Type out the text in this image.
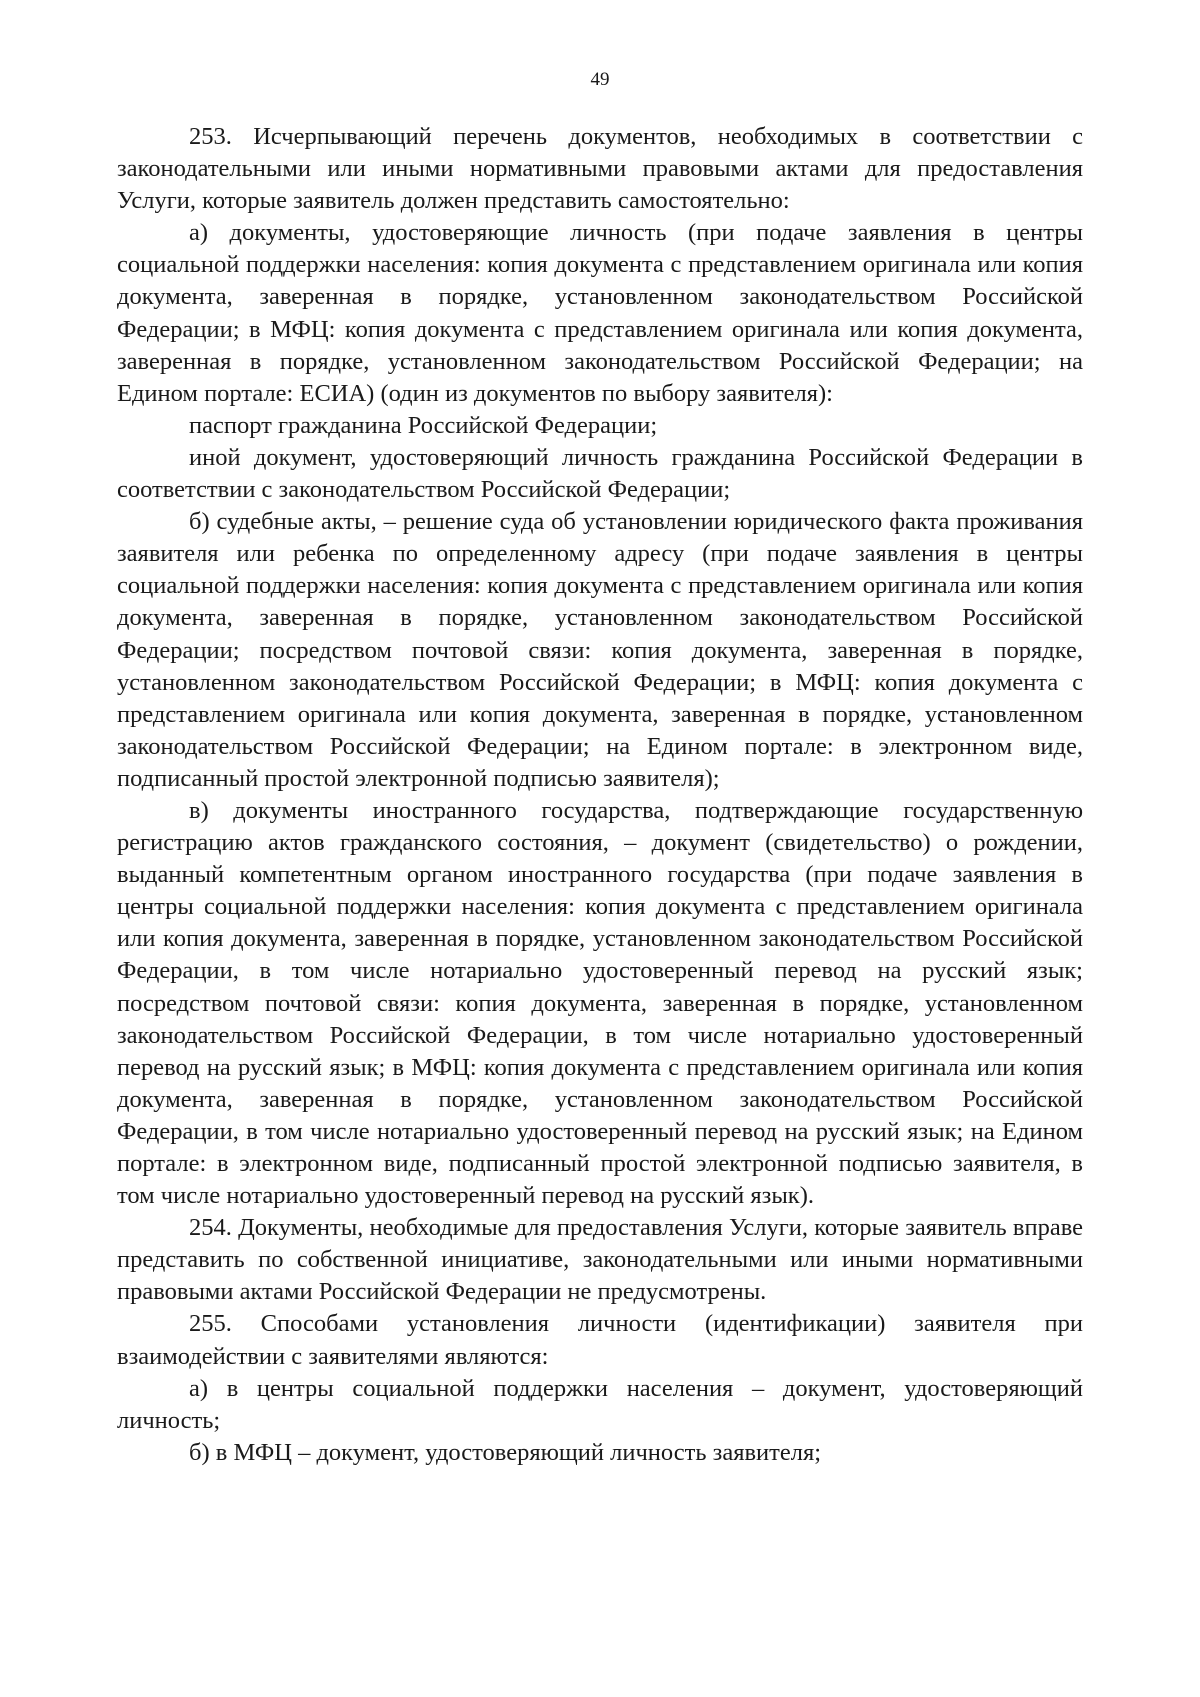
49

253. Исчерпывающий перечень документов, необходимых в соответствии с законодательными или иными нормативными правовыми актами для предоставления Услуги, которые заявитель должен представить самостоятельно:

а) документы, удостоверяющие личность (при подаче заявления в центры социальной поддержки населения: копия документа с представлением оригинала или копия документа, заверенная в порядке, установленном законодательством Российской Федерации; в МФЦ: копия документа с представлением оригинала или копия документа, заверенная в порядке, установленном законодательством Российской Федерации; на Едином портале: ЕСИА) (один из документов по выбору заявителя):

паспорт гражданина Российской Федерации;

иной документ, удостоверяющий личность гражданина Российской Федерации в соответствии с законодательством Российской Федерации;

б) судебные акты, – решение суда об установлении юридического факта проживания заявителя или ребенка по определенному адресу (при подаче заявления в центры социальной поддержки населения: копия документа с представлением оригинала или копия документа, заверенная в порядке, установленном законодательством Российской Федерации; посредством почтовой связи: копия документа, заверенная в порядке, установленном законодательством Российской Федерации; в МФЦ: копия документа с представлением оригинала или копия документа, заверенная в порядке, установленном законодательством Российской Федерации; на Едином портале: в электронном виде, подписанный простой электронной подписью заявителя);

в) документы иностранного государства, подтверждающие государственную регистрацию актов гражданского состояния, – документ (свидетельство) о рождении, выданный компетентным органом иностранного государства (при подаче заявления в центры социальной поддержки населения: копия документа с представлением оригинала или копия документа, заверенная в порядке, установленном законодательством Российской Федерации, в том числе нотариально удостоверенный перевод на русский язык; посредством почтовой связи: копия документа, заверенная в порядке, установленном законодательством Российской Федерации, в том числе нотариально удостоверенный перевод на русский язык; в МФЦ: копия документа с представлением оригинала или копия документа, заверенная в порядке, установленном законодательством Российской Федерации, в том числе нотариально удостоверенный перевод на русский язык; на Едином портале: в электронном виде, подписанный простой электронной подписью заявителя, в том числе нотариально удостоверенный перевод на русский язык).

254. Документы, необходимые для предоставления Услуги, которые заявитель вправе представить по собственной инициативе, законодательными или иными нормативными правовыми актами Российской Федерации не предусмотрены.

255. Способами установления личности (идентификации) заявителя при взаимодействии с заявителями являются:

а) в центры социальной поддержки населения – документ, удостоверяющий личность;

б) в МФЦ – документ, удостоверяющий личность заявителя;
